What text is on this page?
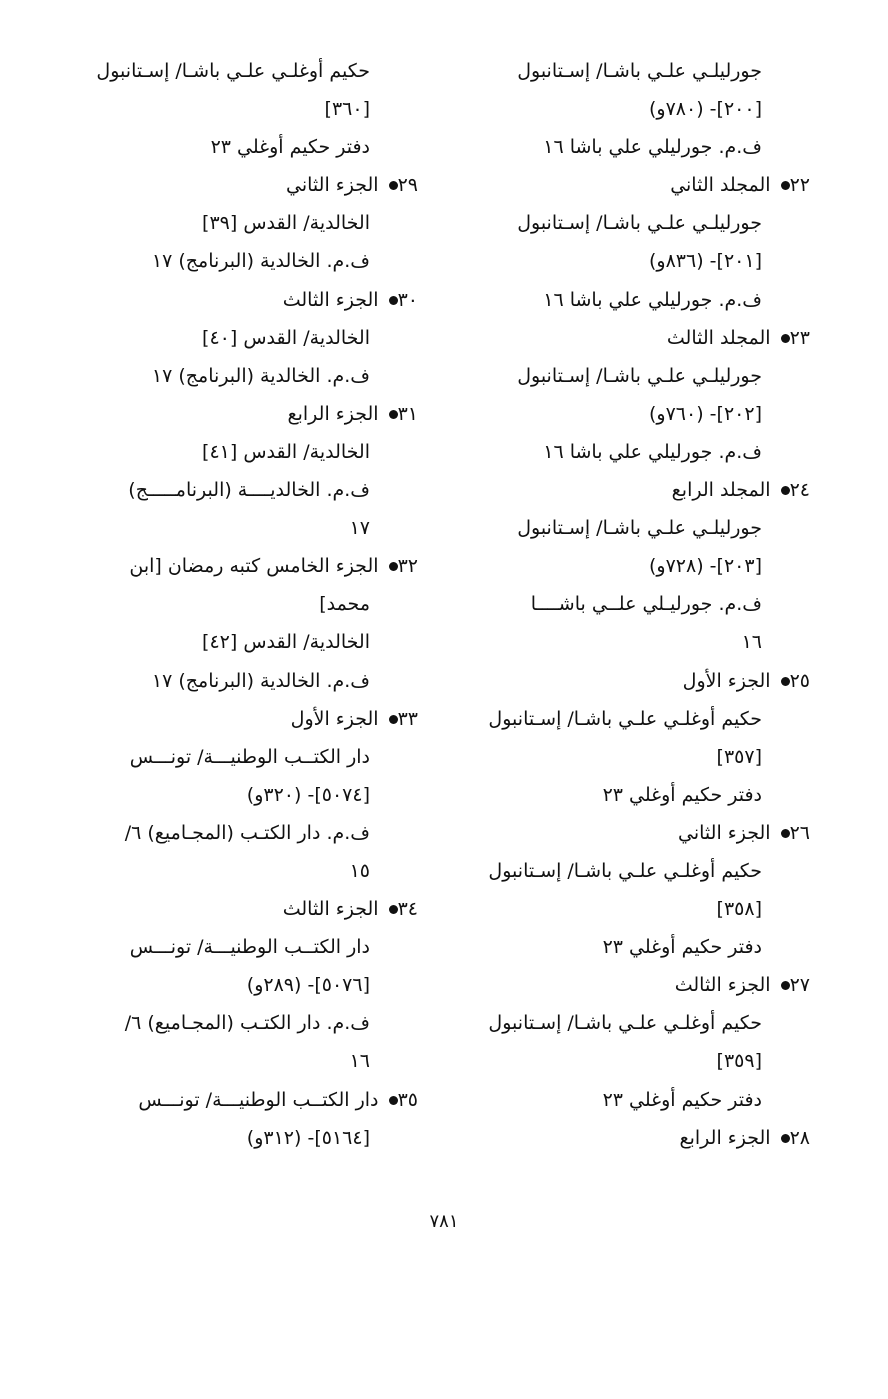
جورليلـي علـي باشـا/ إسـتانبول
[٢٠٠]- (٧٨٠و)
ف.م. جورليلي علي باشا ١٦
٢٢ المجلد الثاني
جورليلـي علـي باشـا/ إسـتانبول
[٢٠١]- (٨٣٦و)
ف.م. جورليلي علي باشا ١٦
٢٣ المجلد الثالث
جورليلـي علـي باشـا/ إسـتانبول
[٢٠٢]- (٧٦٠و)
ف.م. جورليلي علي باشا ١٦
٢٤ المجلد الرابع
جورليلـي علـي باشـا/ إسـتانبول
[٢٠٣]- (٧٢٨و)
ف.م. جورليـلي علــي باشــــا
١٦
٢٥ الجزء الأول
حكيم أوغلـي علـي باشـا/ إسـتانبول
[٣٥٧]
دفتر حكيم أوغلي ٢٣
٢٦ الجزء الثاني
حكيم أوغلـي علـي باشـا/ إسـتانبول
[٣٥٨]
دفتر حكيم أوغلي ٢٣
٢٧ الجزء الثالث
حكيم أوغلـي علـي باشـا/ إسـتانبول
[٣٥٩]
دفتر حكيم أوغلي ٢٣
٢٨ الجزء الرابع
حكيم أوغلـي علـي باشـا/ إسـتانبول
[٣٦٠]
دفتر حكيم أوغلي ٢٣
٢٩ الجزء الثاني
الخالدية/ القدس [٣٩]
ف.م. الخالدية (البرنامج) ١٧
٣٠ الجزء الثالث
الخالدية/ القدس [٤٠]
ف.م. الخالدية (البرنامج) ١٧
٣١ الجزء الرابع
الخالدية/ القدس [٤١]
ف.م. الخالديــــة (البرنامـــــج)
١٧
٣٢ الجزء الخامس كتبه رمضان [ابن
محمد]
الخالدية/ القدس [٤٢]
ف.م. الخالدية (البرنامج) ١٧
٣٣ الجزء الأول
دار الكتــب الوطنيـــة/ تونـــس
[٥٠٧٤]- (٣٢٠و)
ف.م. دار الكتـب (المجـاميع) ٦/
١٥
٣٤ الجزء الثالث
دار الكتــب الوطنيـــة/ تونـــس
[٥٠٧٦]- (٢٨٩و)
ف.م. دار الكتـب (المجـاميع) ٦/
١٦
٣٥ دار الكتــب الوطنيـــة/ تونـــس
[٥١٦٤]- (٣١٢و)
٧٨١
